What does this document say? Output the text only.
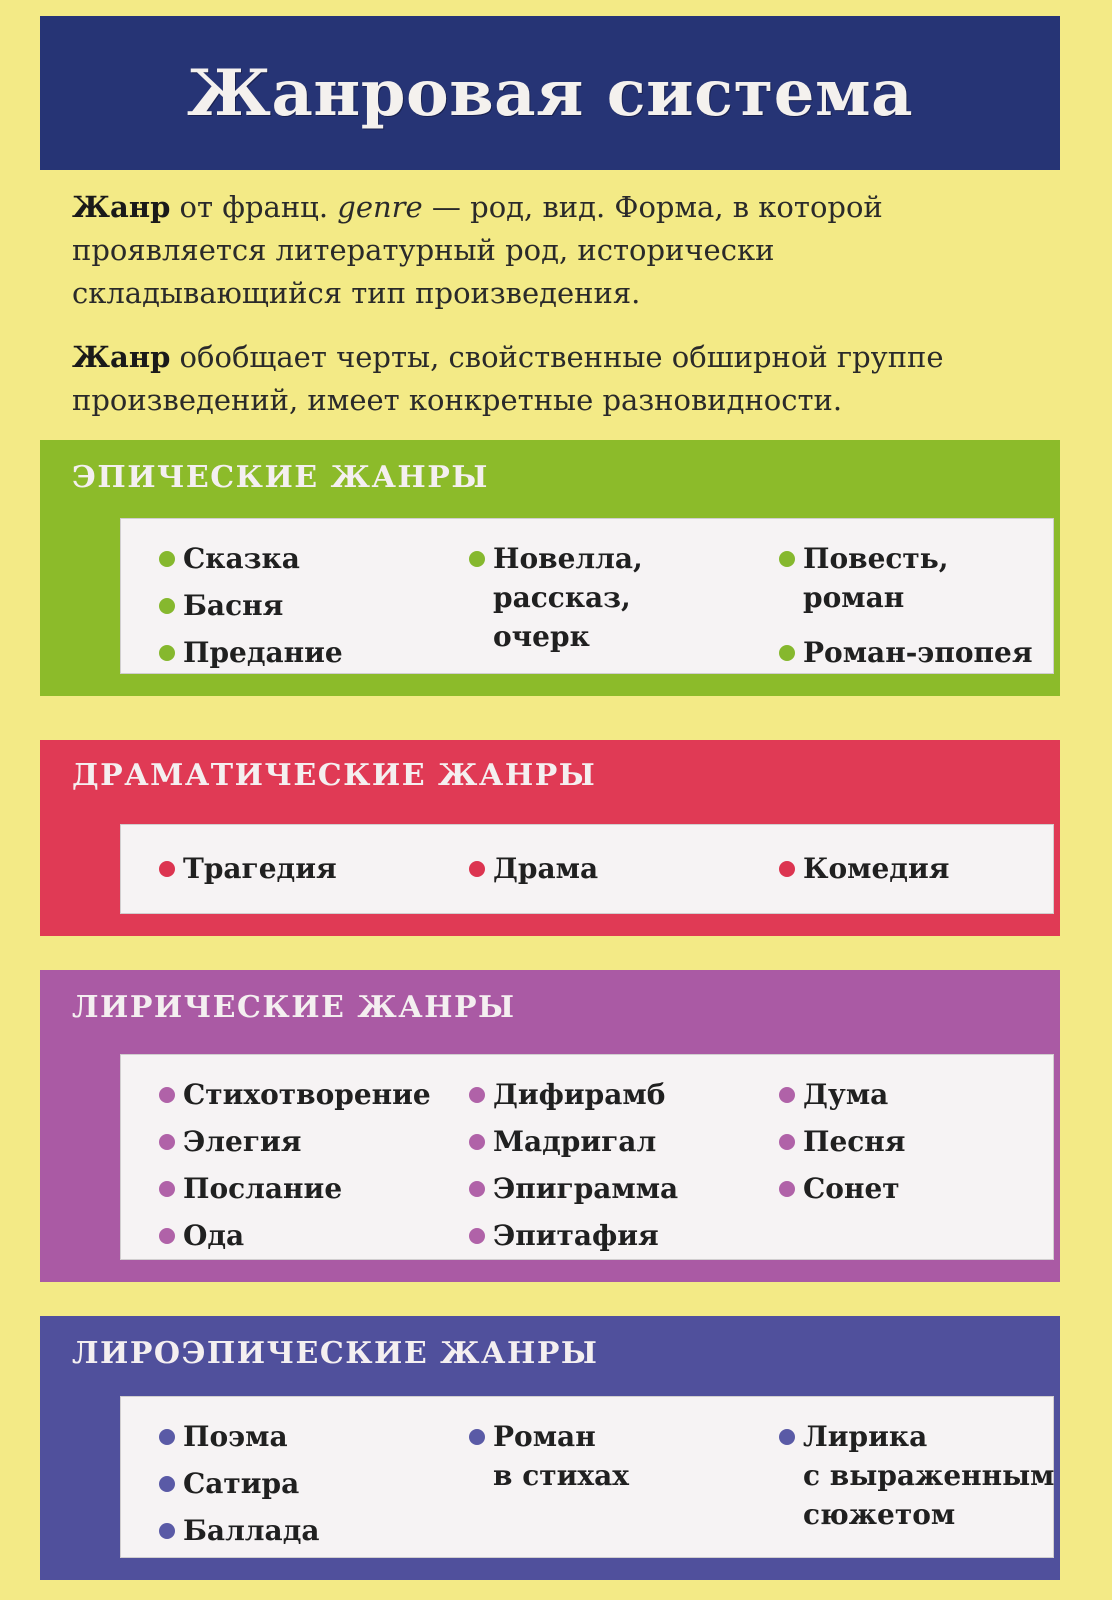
Жанровая система

Жанр от франц. genre — род, вид. Форма, в которой проявляется литературный род, исторически складывающийся тип произведения.

Жанр обобщает черты, свойственные обширной группе произведений, имеет конкретные разновидности.

ЭПИЧЕСКИЕ ЖАНРЫ
Сказка
Басня
Предание
Новелла,
рассказ,
очерк
Повесть,
роман
Роман-эпопея
ДРАМАТИЧЕСКИЕ ЖАНРЫ
Трагедия	Драма	Комедия
ЛИРИЧЕСКИЕ ЖАНРЫ
Стихотворение
Элегия
Послание
Ода
Дифирамб
Мадригал
Эпиграмма
Эпитафия
Дума
Песня
Сонет
ЛИРОЭПИЧЕСКИЕ ЖАНРЫ
Поэма
Сатира
Баллада
Роман
в стихах
Лирика
с выраженным
сюжетом
